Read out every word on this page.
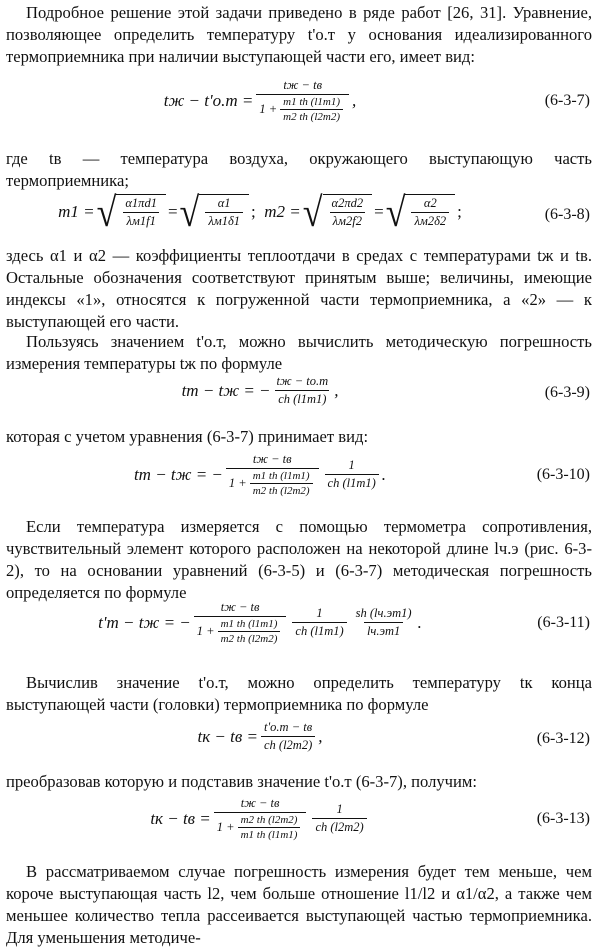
Подробное решение этой задачи приведено в ряде работ [26, 31]. Уравнение, позволяющее определить температуру t'о.т у основания идеализированного термоприемника при наличии выступающей части его, имеет вид:
tж − t'о.т =
tж − tв
$1 + \frac{m1 th (l1m1)}{m2 th (l2m2)}$ ,	(6-3-7)
где tв — температура воздуха, окружающего выступающую часть термоприемника;
m1 = √ $\frac{\alpha 1\pi d1}{\lambda м1f1}$ = √ $\frac{\alpha 1}{\lambda м1\delta 1}$ ; m2 = √ $\frac{\alpha 2\pi d2}{\lambda м2f2}$ = √ $\frac{\alpha 2}{\lambda м2\delta 2}$ ;	(6-3-8)
здесь α1 и α2 — коэффициенты теплоотдачи в средах с температурами tж и tв. Остальные обозначения соответствуют принятым выше; величины, имеющие индексы «1», относятся к погруженной части термоприемника, а «2» — к выступающей его части.
Пользуясь значением t'о.т, можно вычислить методическую погрешность измерения температуры tж по формуле
tт − tж = − $\frac{tж - tо.т}{ch (l1m1)}$ ,	(6-3-9)
которая с учетом уравнения (6-3-7) принимает вид:
tт − tж = −
tж − tв
$1 + \frac{m1 th (l1m1)}{m2 th (l2m2)} \frac{1}{ch (l1m1)}$ .	(6-3-10)
Если температура измеряется с помощью термометра сопротивления, чувствительный элемент которого расположен на некоторой длине lч.э (рис. 6-3-2), то на основании уравнений (6-3-5) и (6-3-7) методическая погрешность определяется по формуле
t'т − tж = −
tж − tв
$1 + \frac{m1 th (l1m1)}{m2 th (l2m2)} \frac{1}{ch (l1m1)} \frac{sh (lч.эm1)}{lч.эm1}$ .	(6-3-11)
Вычислив значение t'о.т, можно определить температуру tк конца выступающей части (головки) термоприемника по формуле
tк − tв = $\frac{t'о.т - tв}{ch (l2m2)}$ ,	(6-3-12)
преобразовав которую и подставив значение t'о.т (6-3-7), получим:
tк − tв =
tж − tв
$1 + \frac{m2 th (l2m2)}{m1 th (l1m1)} \frac{1}{ch (l2m2)}$	(6-3-13)
В рассматриваемом случае погрешность измерения будет тем меньше, чем короче выступающая часть l2, чем больше отношение l1/l2 и α1/α2, а также чем меньшее количество тепла рассеивается выступающей частью термоприемника. Для уменьшения методиче-
